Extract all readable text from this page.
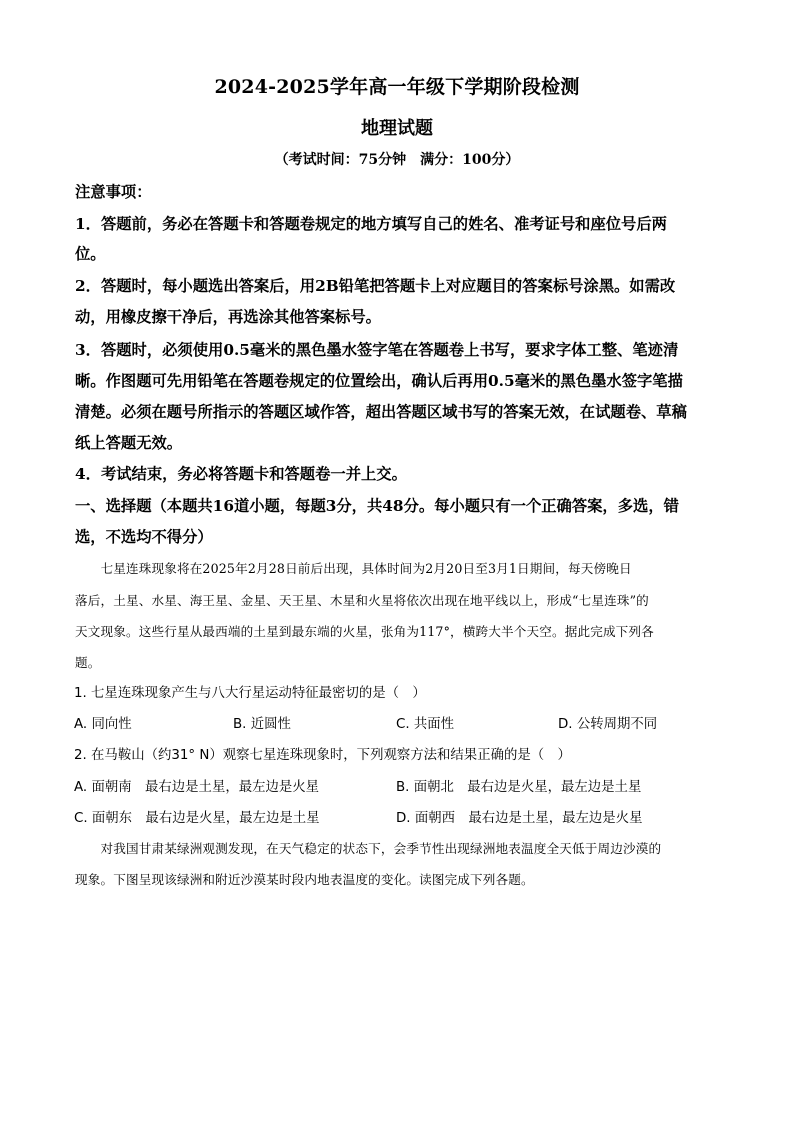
2024-2025学年高一年级下学期阶段检测
地理试题
（考试时间：75分钟　满分：100分）
注意事项：
1．答题前，务必在答题卡和答题卷规定的地方填写自己的姓名、准考证号和座位号后两
位。
2．答题时，每小题选出答案后，用2B铅笔把答题卡上对应题目的答案标号涂黑。如需改
动，用橡皮擦干净后，再选涂其他答案标号。
3．答题时，必须使用0.5毫米的黑色墨水签字笔在答题卷上书写，要求字体工整、笔迹清
晰。作图题可先用铅笔在答题卷规定的位置绘出，确认后再用0.5毫米的黑色墨水签字笔描
清楚。必须在题号所指示的答题区域作答，超出答题区域书写的答案无效，在试题卷、草稿
纸上答题无效。
4．考试结束，务必将答题卡和答题卷一并上交。
一、选择题（本题共16道小题，每题3分，共48分。每小题只有一个正确答案，多选，错
选，不选均不得分）
　　七星连珠现象将在2025年2月28日前后出现，具体时间为2月20日至3月1日期间，每天傍晚日
落后，土星、水星、海王星、金星、天王星、木星和火星将依次出现在地平线以上，形成“七星连珠”的
天文现象。这些行星从最西端的土星到最东端的火星，张角为117°，横跨大半个天空。据此完成下列各
题。
1. 七星连珠现象产生与八大行星运动特征最密切的是（　）
A. 同向性	B. 近圆性	C. 共面性	D. 公转周期不同
2. 在马鞍山（约31° N）观察七星连珠现象时，下列观察方法和结果正确的是（　）
A. 面朝南　最右边是土星，最左边是火星	B. 面朝北　最右边是火星，最左边是土星
C. 面朝东　最右边是火星，最左边是土星	D. 面朝西　最右边是土星，最左边是火星
　　对我国甘肃某绿洲观测发现，在天气稳定的状态下，会季节性出现绿洲地表温度全天低于周边沙漠的
现象。下图呈现该绿洲和附近沙漠某时段内地表温度的变化。读图完成下列各题。
